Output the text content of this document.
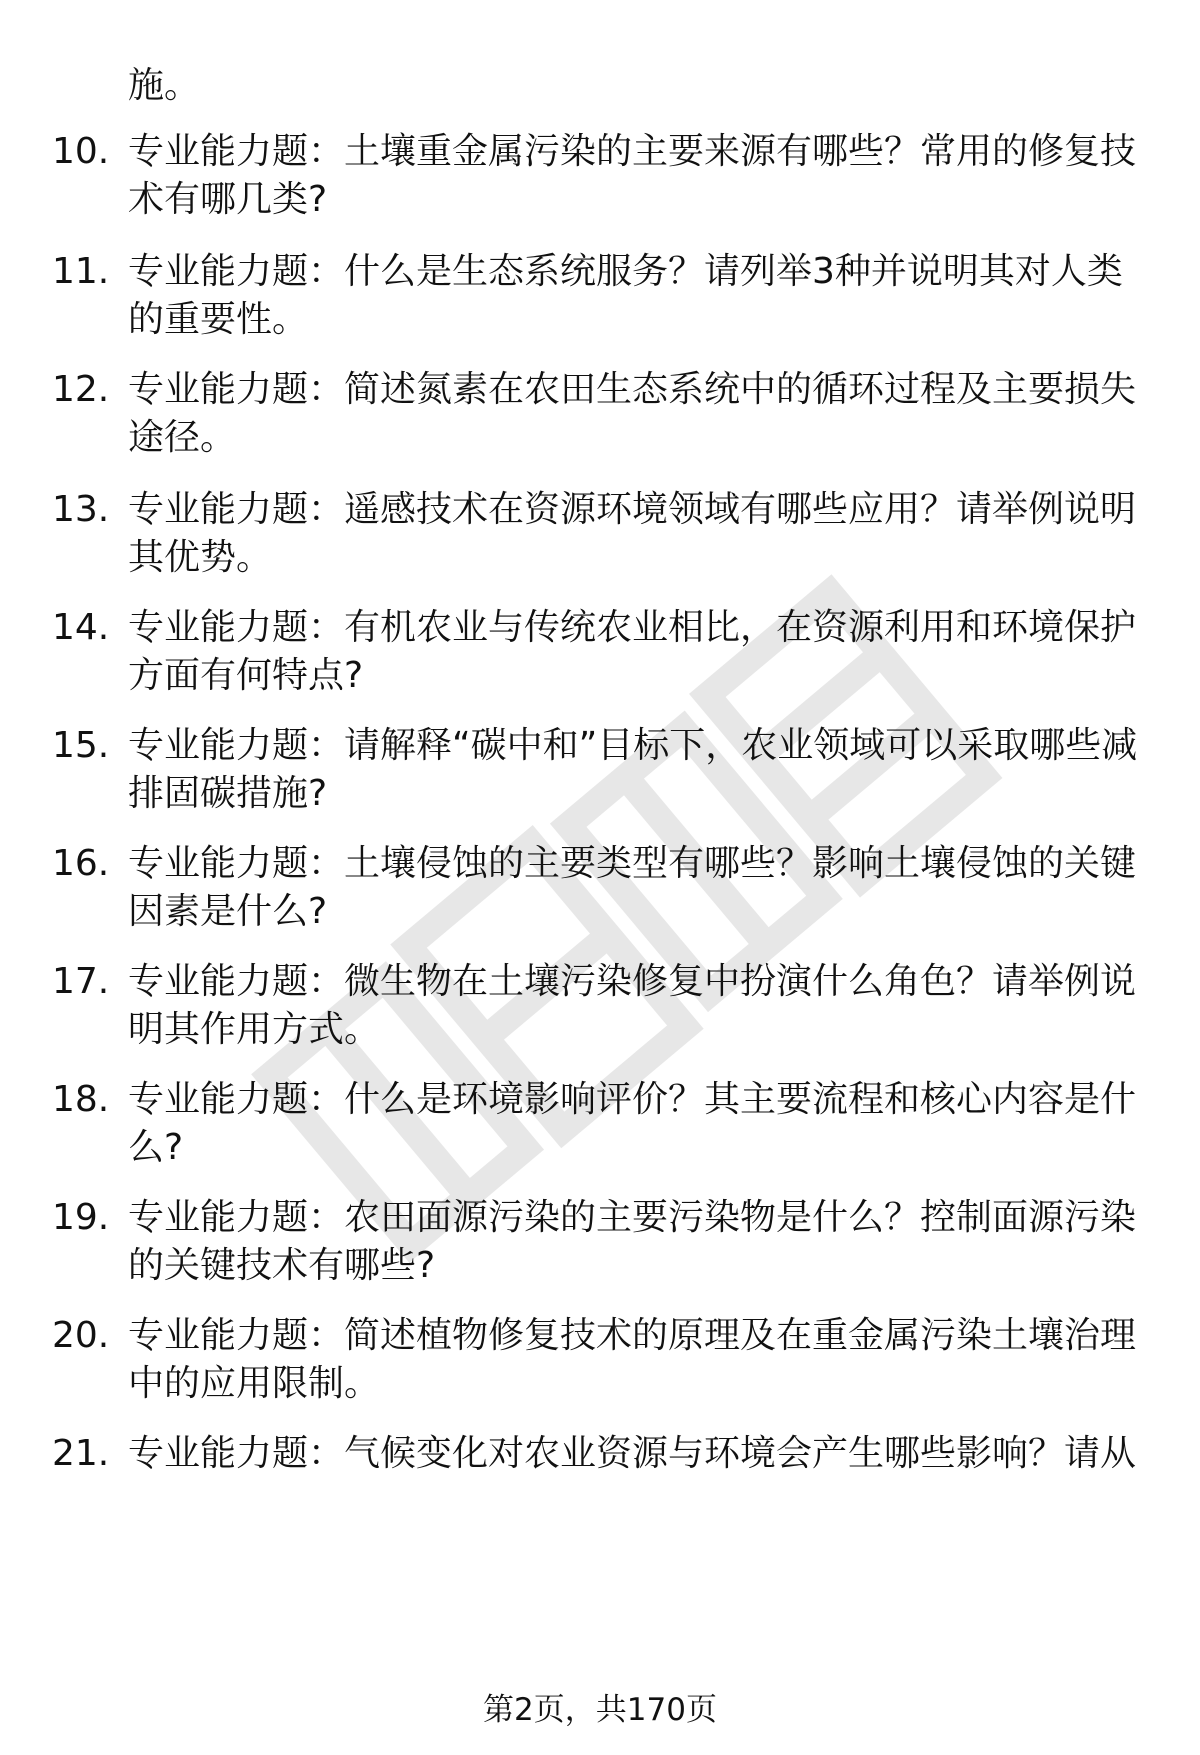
施。
10. 专业能力题：土壤重金属污染的主要来源有哪些？常用的修复技术有哪几类?
11. 专业能力题：什么是生态系统服务？请列举3种并说明其对人类的重要性。
12. 专业能力题：简述氮素在农田生态系统中的循环过程及主要损失途径。
13. 专业能力题：遥感技术在资源环境领域有哪些应用？请举例说明其优势。
14. 专业能力题：有机农业与传统农业相比，在资源利用和环境保护方面有何特点?
15. 专业能力题：请解释“碳中和”目标下，农业领域可以采取哪些减排固碳措施?
16. 专业能力题：土壤侵蚀的主要类型有哪些？影响土壤侵蚀的关键因素是什么?
17. 专业能力题：微生物在土壤污染修复中扮演什么角色？请举例说明其作用方式。
18. 专业能力题：什么是环境影响评价？其主要流程和核心内容是什么?
19. 专业能力题：农田面源污染的主要污染物是什么？控制面源污染的关键技术有哪些?
20. 专业能力题：简述植物修复技术的原理及在重金属污染土壤治理中的应用限制。
21. 专业能力题：气候变化对农业资源与环境会产生哪些影响？请从
第2页，共170页
